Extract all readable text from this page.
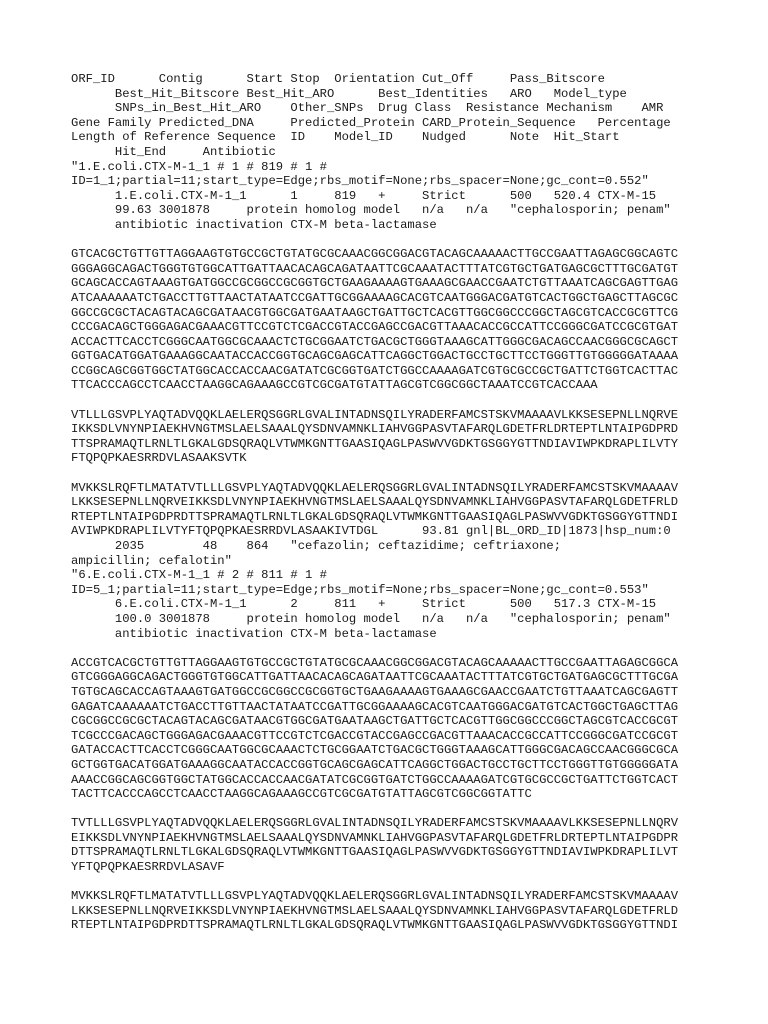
ORF_ID      Contig      Start Stop  Orientation Cut_Off     Pass_Bitscore
Best_Hit_Bitscore Best_Hit_ARO      Best_Identities   ARO   Model_type
SNPs_in_Best_Hit_ARO    Other_SNPs  Drug Class  Resistance Mechanism    AMR
Gene Family Predicted_DNA     Predicted_Protein CARD_Protein_Sequence   Percentage
Length of Reference Sequence  ID    Model_ID    Nudged      Note  Hit_Start
Hit_End     Antibiotic
"1.E.coli.CTX-M-1_1 # 1 # 819 # 1 #
ID=1_1;partial=11;start_type=Edge;rbs_motif=None;rbs_spacer=None;gc_cont=0.552"
1.E.coli.CTX-M-1_1      1     819   +     Strict      500   520.4 CTX-M-15
99.63 3001878     protein homolog model   n/a   n/a   "cephalosporin; penam"
antibiotic inactivation CTX-M beta-lactamase
GTCACGCTGTTGTTAGGAAGTGTGCCGCTGTATGCGCAAACGGCGGACGTACAGCAAAAACTTGCCGAATTAGAGCGGCAGTC
GGGAGGCAGACTGGGTGTGGCATTGATTAACACAGCAGATAATTCGCAAATACTTTATCGTGCTGATGAGCGCTTTGCGATGT
GCAGCACCAGTAAAGTGATGGCCGCGGCCGCGGTGCTGAAGAAAAGTGAAAGCGAACCGAATCTGTTAAATCAGCGAGTTGAG
ATCAAAAAATCTGACCTTGTTAACTATAATCCGATTGCGGAAAAGCACGTCAATGGGACGATGTCACTGGCTGAGCTTAGCGC
GGCCGCGCTACAGTACAGCGATAACGTGGCGATGAATAAGCTGATTGCTCACGTTGGCGGCCCGGCTAGCGTCACCGCGTTCG
CCCGACAGCTGGGAGACGAAACGTTCCGTCTCGACCGTACCGAGCCGACGTTAAACACCGCCATTCCGGGCGATCCGCGTGAT
ACCACTTCACCTCGGGCAATGGCGCAAACTCTGCGGAATCTGACGCTGGGTAAAGCATTGGGCGACAGCCAACGGGCGCAGCT
GGTGACATGGATGAAAGGCAATACCACCGGTGCAGCGAGCATTCAGGCTGGACTGCCTGCTTCCTGGGTTGTGGGGGATAAAA
CCGGCAGCGGTGGCTATGGCACCACCAACGATATCGCGGTGATCTGGCCAAAAGATCGTGCGCCGCTGATTCTGGTCACTTAC
TTCACCCAGCCTCAACCTAAGGCAGAAAGCCGTCGCGATGTATTAGCGTCGGCGGCTAAATCCGTCACCAAA
VTLLLGSVPLYAQTADVQQKLAELERQSGGRLGVALINTADNSQILYRADERFAMCSTSKVMAAAAVLKKSESEPNLLNQRVE
IKKSDLVNYNPIAEKHVNGTMSLAELSAAALQYSDNVAMNKLIAHVGGPASVTAFARQLGDETFRLDRTEPTLNTAIPGDPRD
TTSPRAMAQTLRNLTLGKALGDSQRAQLVTWMKGNTTGAASIQAGLPASWVVGDKTGSGGYGTTNDIAVIWPKDRAPLILVTY
FTQPQPKAESRRDVLASAAKSVTK
MVKKSLRQFTLMATATVTLLLGSVPLYAQTADVQQKLAELERQSGGRLGVALINTADNSQILYRADERFAMCSTSKVMAAAAV
LKKSESEPNLLNQRVEIKKSDLVNYNPIAEKHVNGTMSLAELSAAALQYSDNVAMNKLIAHVGGPASVTAFARQLGDETFRLD
RTEPTLNTAIPGDPRDTTSPRAMAQTLRNLTLGKALGDSQRAQLVTWMKGNTTGAASIQAGLPASWVVGDKTGSGGYGTTNDI
AVIWPKDRAPLILVTYFTQPQPKAESRRDVLASAAKIVTDGL      93.81 gnl|BL_ORD_ID|1873|hsp_num:0
2035        48    864   "cefazolin; ceftazidime; ceftriaxone;
ampicillin; cefalotin"
"6.E.coli.CTX-M-1_1 # 2 # 811 # 1 #
ID=5_1;partial=11;start_type=Edge;rbs_motif=None;rbs_spacer=None;gc_cont=0.553"
6.E.coli.CTX-M-1_1      2     811   +     Strict      500   517.3 CTX-M-15
100.0 3001878     protein homolog model   n/a   n/a   "cephalosporin; penam"
antibiotic inactivation CTX-M beta-lactamase
ACCGTCACGCTGTTGTTAGGAAGTGTGCCGCTGTATGCGCAAACGGCGGACGTACAGCAAAAACTTGCCGAATTAGAGCGGCA
GTCGGGAGGCAGACTGGGTGTGGCATTGATTAACACAGCAGATAATTCGCAAATACTTTATCGTGCTGATGAGCGCTTTGCGA
TGTGCAGCACCAGTAAAGTGATGGCCGCGGCCGCGGTGCTGAAGAAAAGTGAAAGCGAACCGAATCTGTTAAATCAGCGAGTT
GAGATCAAAAAATCTGACCTTGTTAACTATAATCCGATTGCGGAAAAGCACGTCAATGGGACGATGTCACTGGCTGAGCTTAG
CGCGGCCGCGCTACAGTACAGCGATAACGTGGCGATGAATAAGCTGATTGCTCACGTTGGCGGCCCGGCTAGCGTCACCGCGT
TCGCCCGACAGCTGGGAGACGAAACGTTCCGTCTCGACCGTACCGAGCCGACGTTAAACACCGCCATTCCGGGCGATCCGCGT
GATACCACTTCACCTCGGGCAATGGCGCAAACTCTGCGGAATCTGACGCTGGGTAAAGCATTGGGCGACAGCCAACGGGCGCA
GCTGGTGACATGGATGAAAGGCAATACCACCGGTGCAGCGAGCATTCAGGCTGGACTGCCTGCTTCCTGGGTTGTGGGGGATA
AAACCGGCAGCGGTGGCTATGGCACCACCAACGATATCGCGGTGATCTGGCCAAAAGATCGTGCGCCGCTGATTCTGGTCACT
TACTTCACCCAGCCTCAACCTAAGGCAGAAAGCCGTCGCGATGTATTAGCGTCGGCGGTATTC
TVTLLLGSVPLYAQTADVQQKLAELERQSGGRLGVALINTADNSQILYRADERFAMCSTSKVMAAAAVLKKSESEPNLLNQRV
EIKKSDLVNYNPIAEKHVNGTMSLAELSAAALQYSDNVAMNKLIAHVGGPASVTAFARQLGDETFRLDRTEPTLNTAIPGDPR
DTTSPRAMAQTLRNLTLGKALGDSQRAQLVTWMKGNTTGAASIQAGLPASWVVGDKTGSGGYGTTNDIAVIWPKDRAPLILVT
YFTQPQPKAESRRDVLASAVF
MVKKSLRQFTLMATATVTLLLGSVPLYAQTADVQQKLAELERQSGGRLGVALINTADNSQILYRADERFAMCSTSKVMAAAAV
LKKSESEPNLLNQRVEIKKSDLVNYNPIAEKHVNGTMSLAELSAAALQYSDNVAMNKLIAHVGGPASVTAFARQLGDETFRLD
RTEPTLNTAIPGDPRDTTSPRAMAQTLRNLTLGKALGDSQRAQLVTWMKGNTTGAASIQAGLPASWVVGDKTGSGGYGTTNDI
